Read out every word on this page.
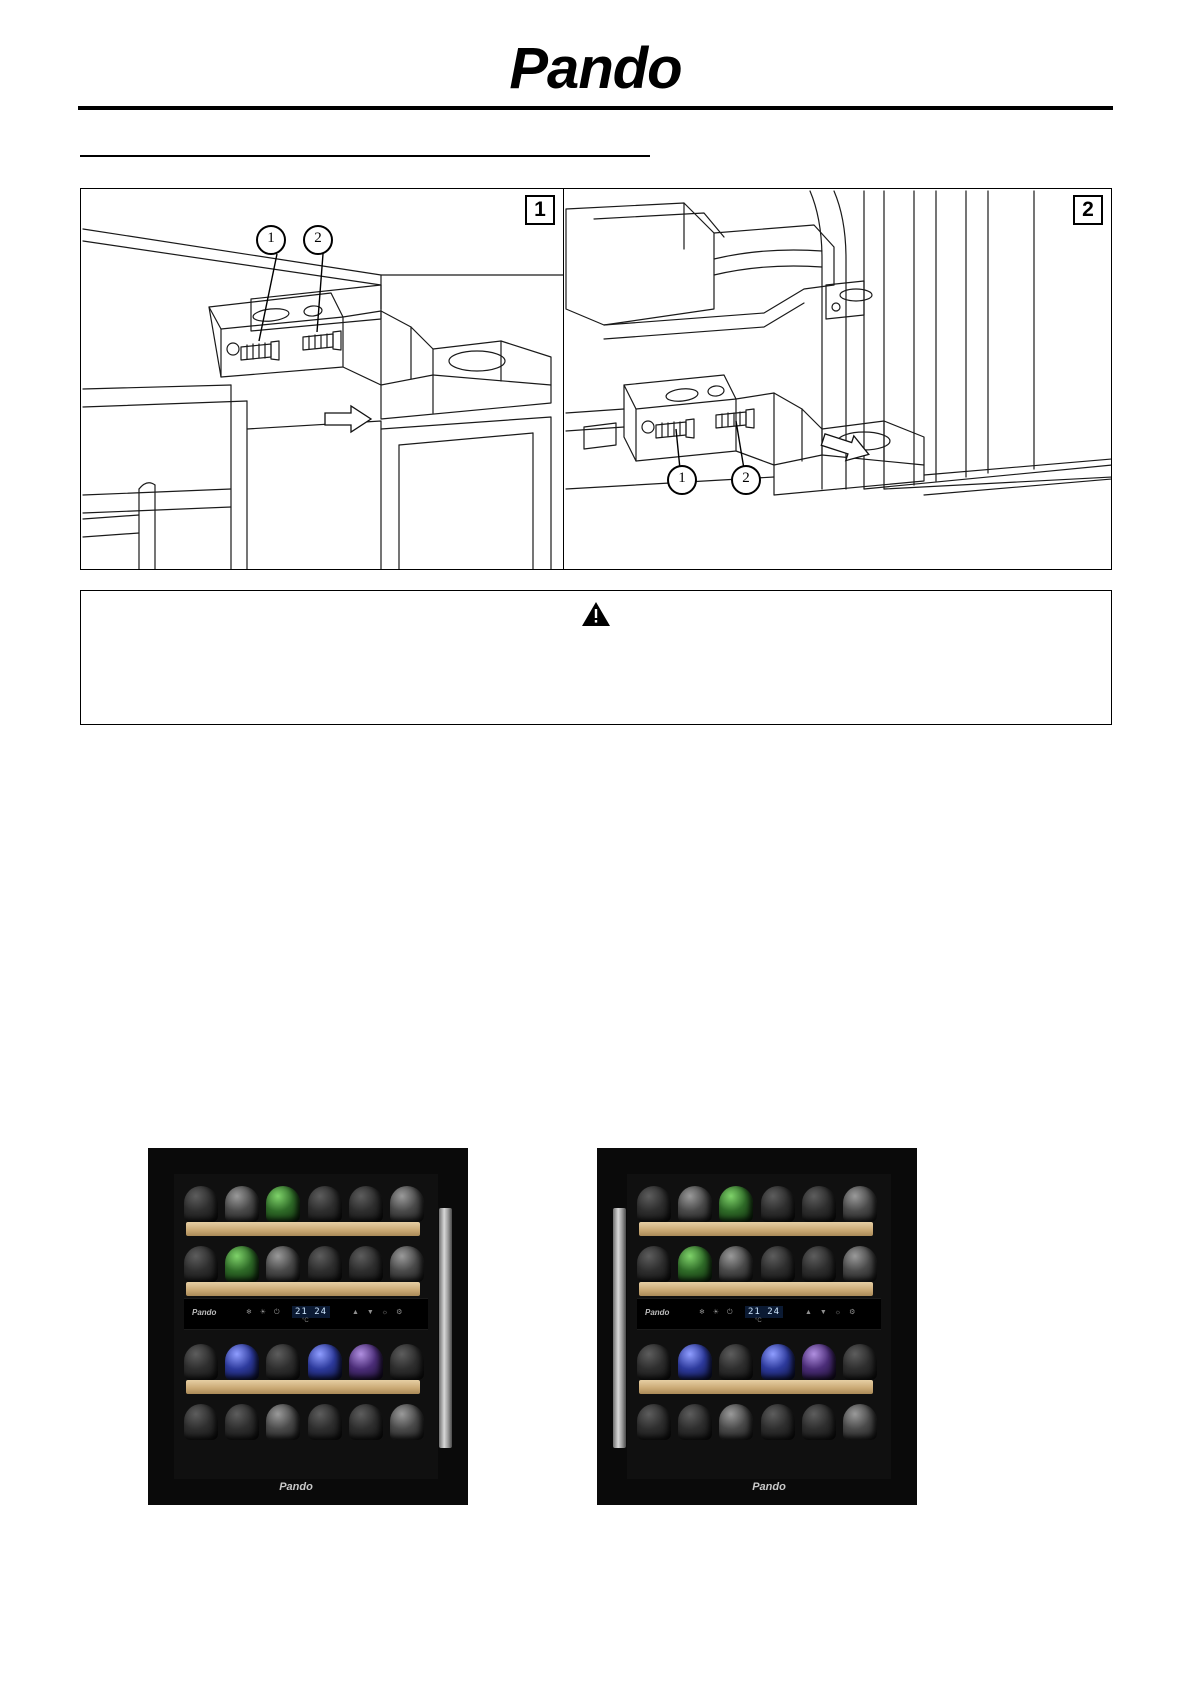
Pando
1	2
1
1	2
2
Pando	❄ ☀ ⏻	21 24	▲ ▼ ☼ ⚙
°C
Pando
Pando	❄ ☀ ⏻	21 24	▲ ▼ ☼ ⚙
°C
Pando
